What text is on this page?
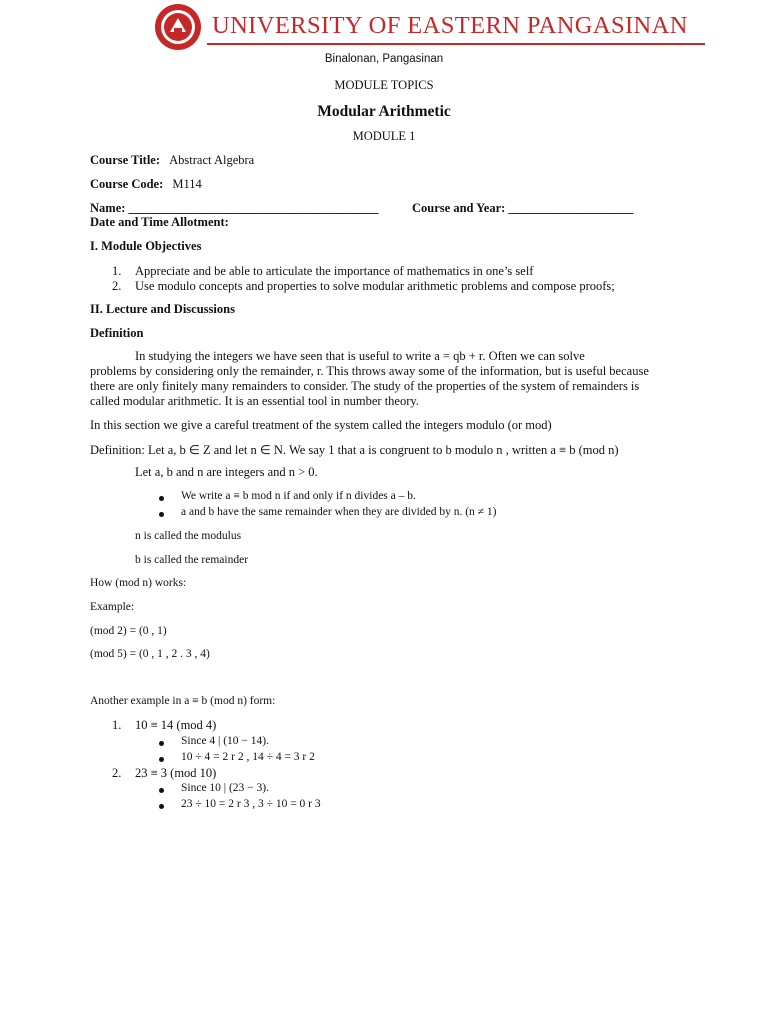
UNIVERSITY OF EASTERN PANGASINAN
Binalonan, Pangasinan
MODULE TOPICS
Modular Arithmetic
MODULE 1
Course Title: Abstract Algebra
Course Code: M114
Name: ________________________________________	Course and Year: ____________________
Date and Time Allotment:
I. Module Objectives
1. Appreciate and be able to articulate the importance of mathematics in one’s self
2. Use modulo concepts and properties to solve modular arithmetic problems and compose proofs;
II. Lecture and Discussions
Definition
In studying the integers we have seen that is useful to write a = qb + r. Often we can solve
problems by considering only the remainder, r. This throws away some of the information, but is useful because there are only finitely many remainders to consider. The study of the properties of the system of remainders is called modular arithmetic. It is an essential tool in number theory.
In this section we give a careful treatment of the system called the integers modulo (or mod)
Definition: Let a, b ∈ Z and let n ∈ N. We say 1 that a is congruent to b modulo n , written a ≡ b (mod n)
Let a, b and n are integers and n > 0.
We write a ≡ b mod n if and only if n divides a – b.
a and b have the same remainder when they are divided by n. (n ≠ 1)
n is called the modulus
b is called the remainder
How (mod n) works:
Example:
(mod 2) = (0 , 1)
(mod 5) = (0 , 1 , 2 . 3 , 4)
Another example in a ≡ b (mod n) form:
1. 10 ≡ 14 (mod 4)
Since 4 | (10 − 14).
10 ÷ 4 = 2 r 2 , 14 ÷ 4 = 3 r 2
2. 23 ≡ 3 (mod 10)
Since 10 | (23 − 3).
23 ÷ 10 = 2 r 3 , 3 ÷ 10 = 0 r 3
